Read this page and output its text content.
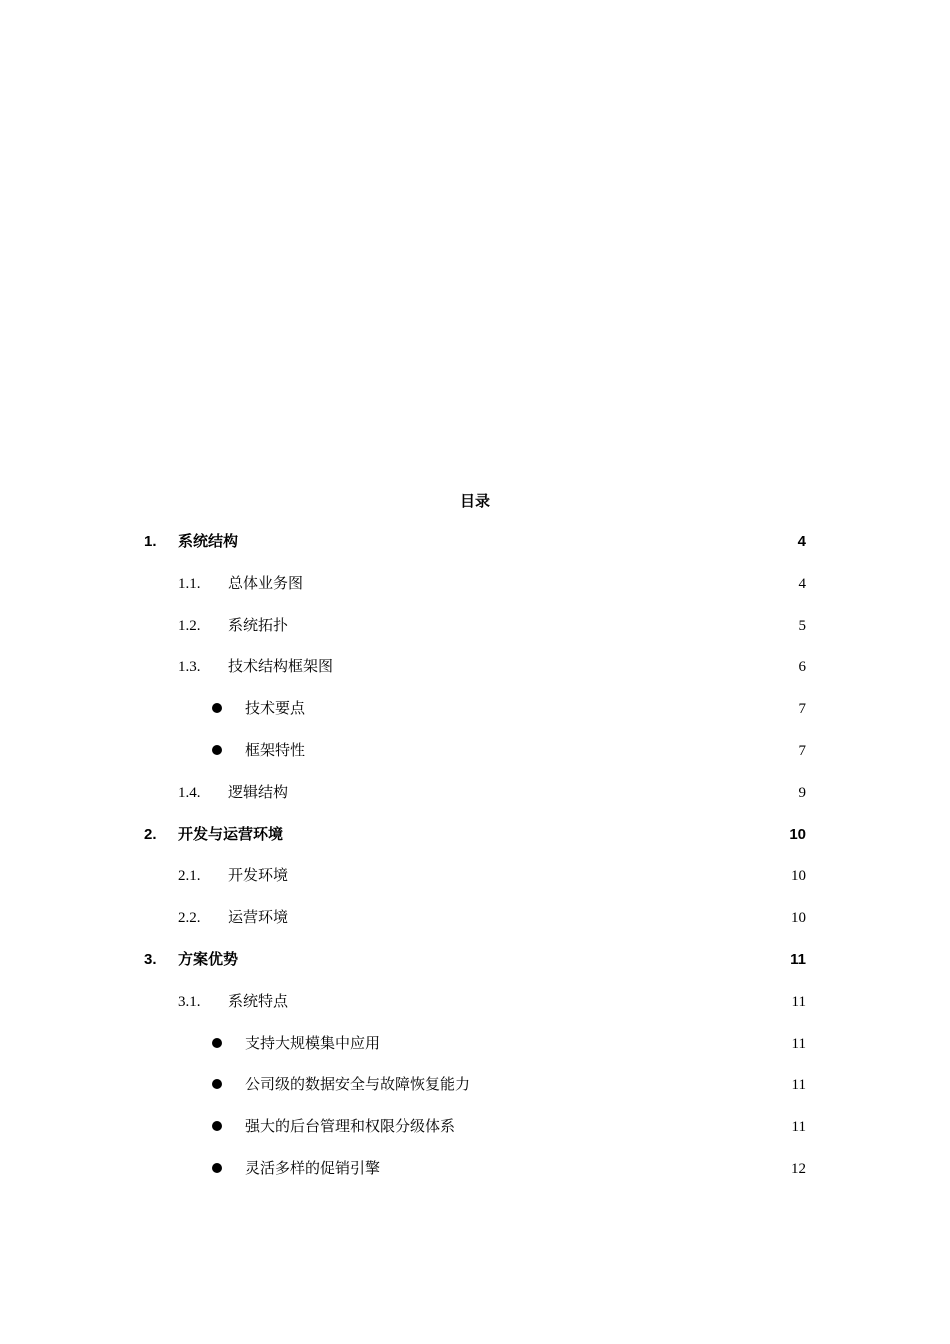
目录
1.	系统结构	4
1.1.	总体业务图	4
1.2.	系统拓扑	5
1.3.	技术结构框架图	6
技术要点	7
框架特性	7
1.4.	逻辑结构	9
2.	开发与运营环境	10
2.1.	开发环境	10
2.2.	运营环境	10
3.	方案优势	11
3.1.	系统特点	11
支持大规模集中应用	11
公司级的数据安全与故障恢复能力	11
强大的后台管理和权限分级体系	11
灵活多样的促销引擎	12
